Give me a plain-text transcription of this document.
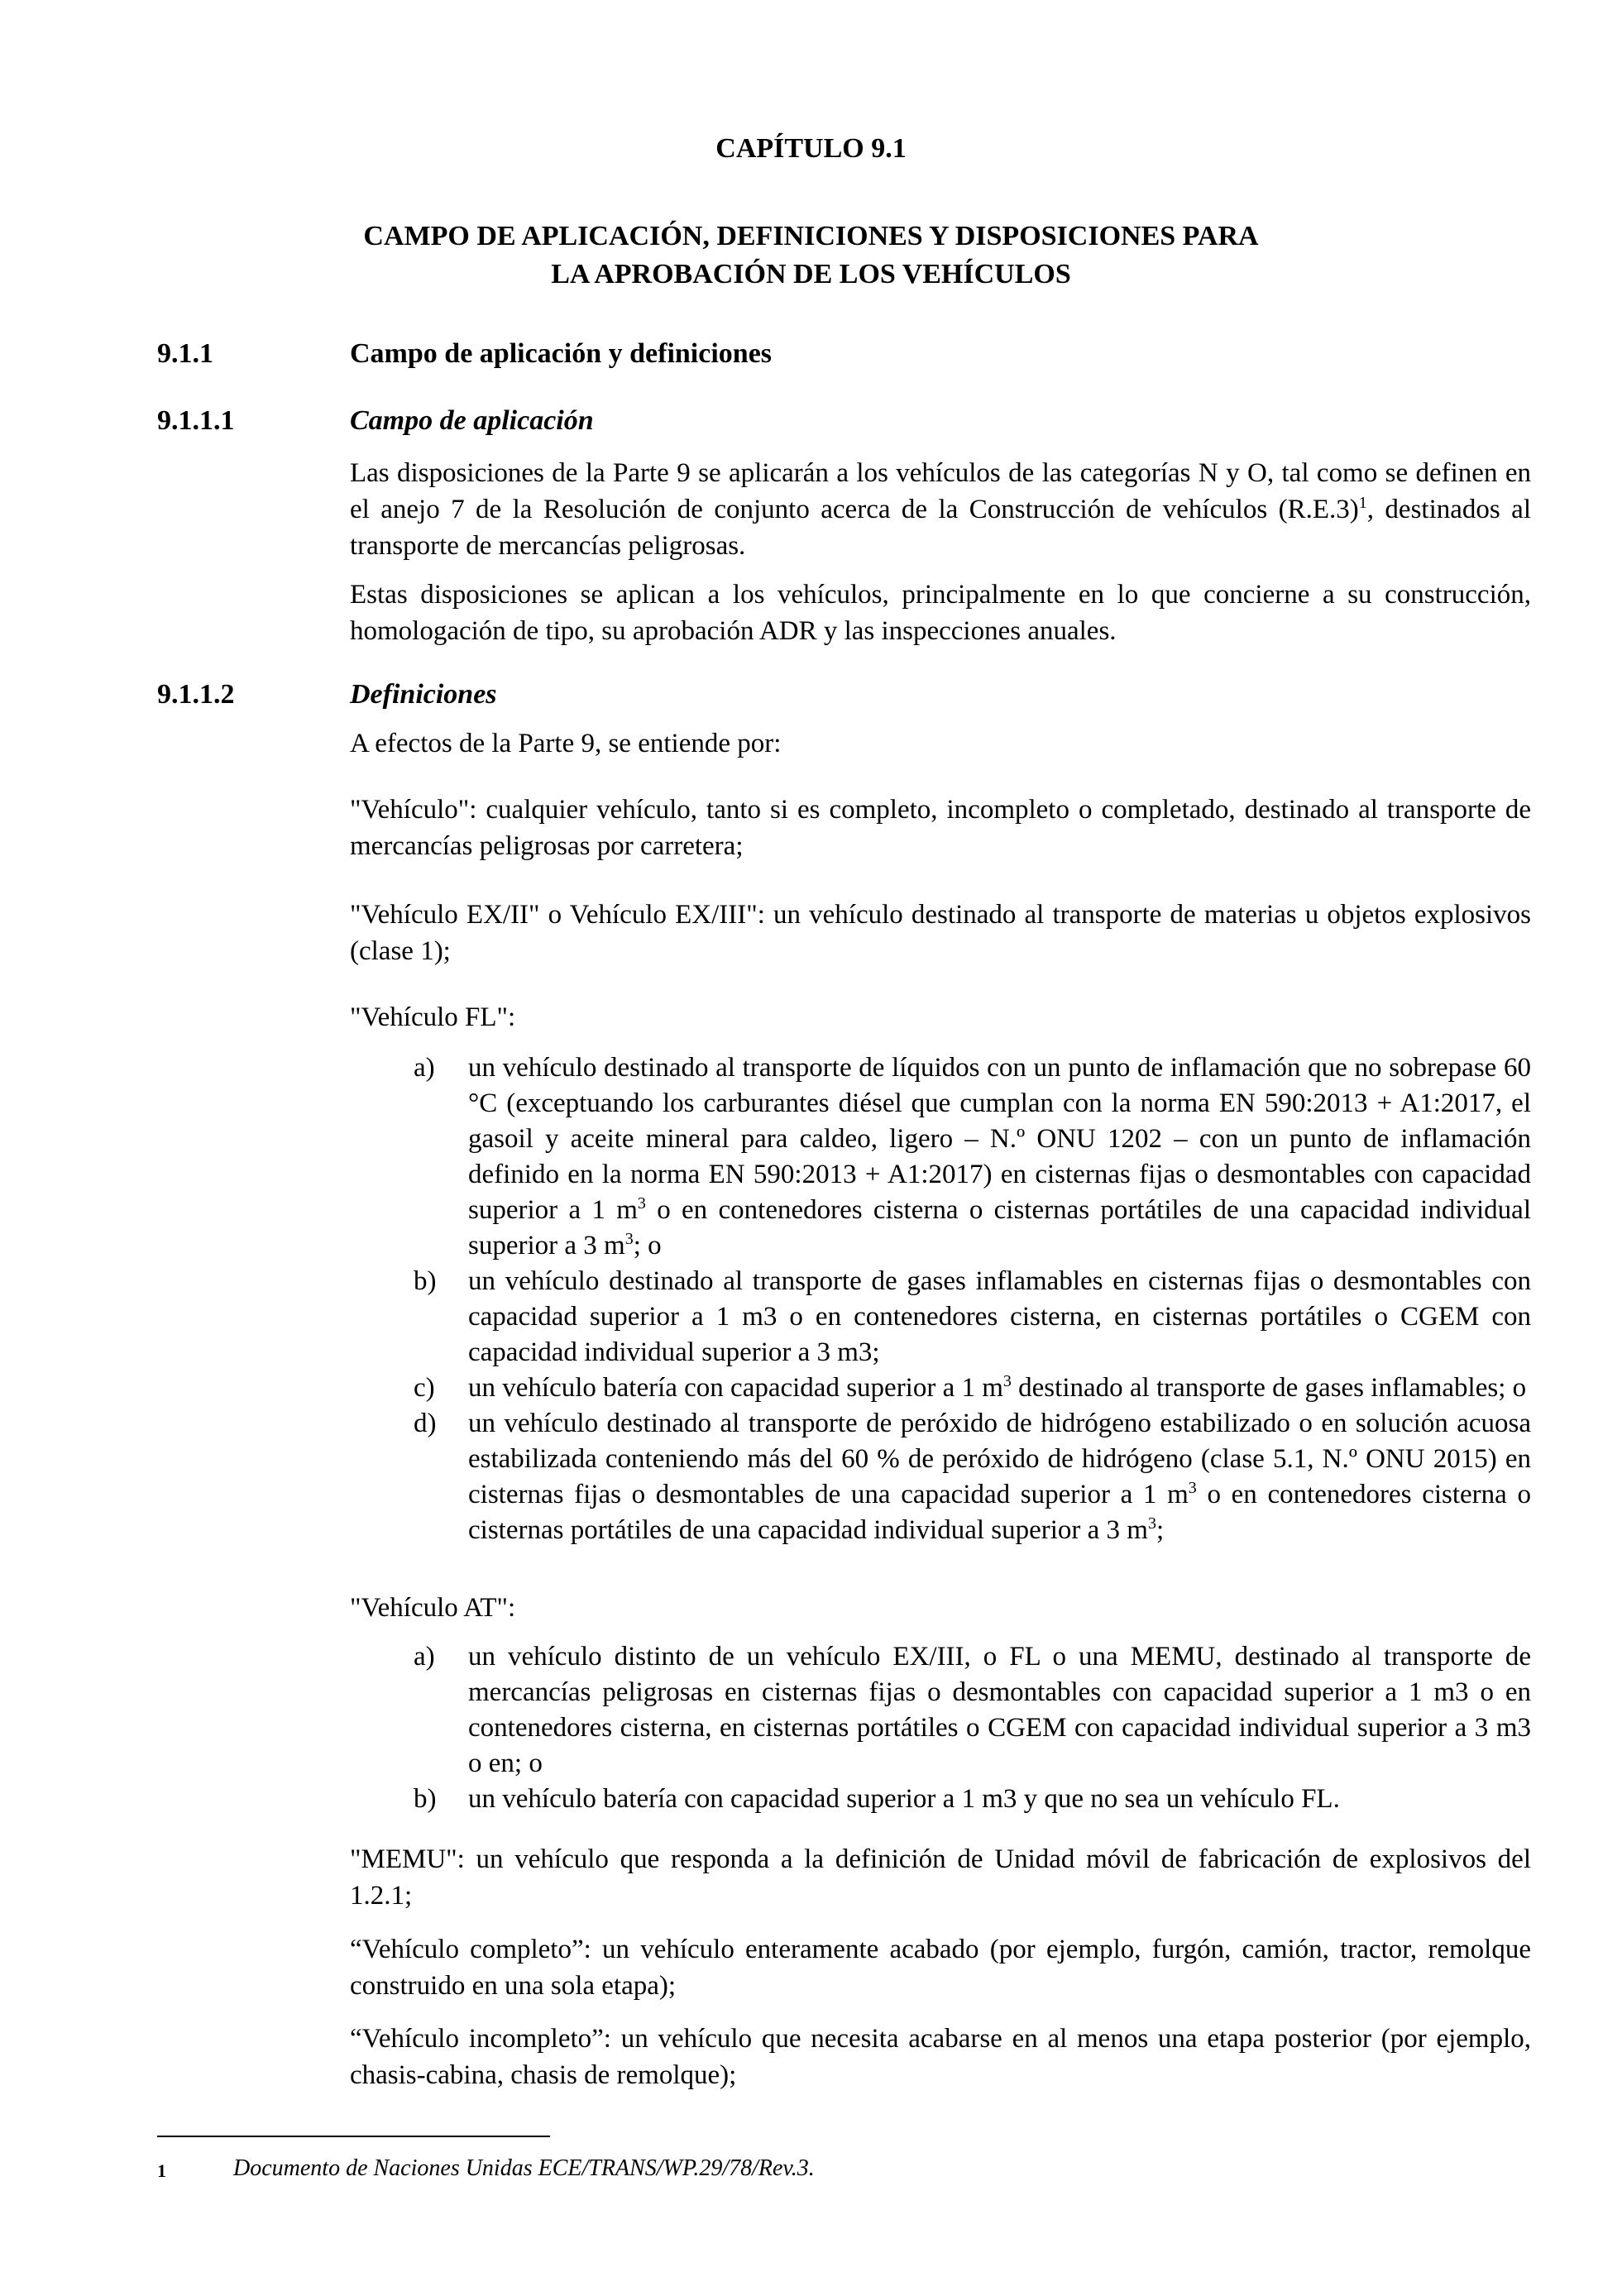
CAPÍTULO 9.1
CAMPO DE APLICACIÓN, DEFINICIONES Y DISPOSICIONES PARA
LA APROBACIÓN DE LOS VEHÍCULOS
9.1.1	Campo de aplicación y definiciones
9.1.1.1	Campo de aplicación

Las disposiciones de la Parte 9 se aplicarán a los vehículos de las categorías N y O, tal como se definen en el anejo 7 de la Resolución de conjunto acerca de la Construcción de vehículos $(R.E.3)^1$, destinados al transporte de mercancías peligrosas.

Estas disposiciones se aplican a los vehículos, principalmente en lo que concierne a su construcción, homologación de tipo, su aprobación ADR y las inspecciones anuales.
9.1.1.2	Definiciones
A efectos de la Parte 9, se entiende por:
"Vehículo": cualquier vehículo, tanto si es completo, incompleto o completado, destinado al transporte de mercancías peligrosas por carretera;
"Vehículo EX/II" o Vehículo EX/III": un vehículo destinado al transporte de materias u objetos explosivos (clase 1);
"Vehículo FL":
a) un vehículo destinado al transporte de líquidos con un punto de inflamación que no sobrepase 60 °C (exceptuando los carburantes diésel que cumplan con la norma EN 590:2013 + A1:2017, el gasoil y aceite mineral para caldeo, ligero – N.º ONU 1202 – con un punto de inflamación definido en la norma EN 590:2013 + A1:2017) en cisternas fijas o desmontables con capacidad superior a 1 $m^3$ o en contenedores cisterna o cisternas portátiles de una capacidad individual superior a 3 $m^3$; o
b) un vehículo destinado al transporte de gases inflamables en cisternas fijas o desmontables con capacidad superior a 1 m3 o en contenedores cisterna, en cisternas portátiles o CGEM con capacidad individual superior a 3 m3;
c) un vehículo batería con capacidad superior a 1 $m^3$ destinado al transporte de gases inflamables; o
d) un vehículo destinado al transporte de peróxido de hidrógeno estabilizado o en solución acuosa estabilizada conteniendo más del 60 % de peróxido de hidrógeno (clase 5.1, N.º ONU 2015) en cisternas fijas o desmontables de una capacidad superior a 1 $m^3$ o en contenedores cisterna o cisternas portátiles de una capacidad individual superior a 3 $m^3$;
"Vehículo AT":
a) un vehículo distinto de un vehículo EX/III, o FL o una MEMU, destinado al transporte de mercancías peligrosas en cisternas fijas o desmontables con capacidad superior a 1 m3 o en contenedores cisterna, en cisternas portátiles o CGEM con capacidad individual superior a 3 m3 o en; o
b) un vehículo batería con capacidad superior a 1 m3 y que no sea un vehículo FL.
"MEMU": un vehículo que responda a la definición de Unidad móvil de fabricación de explosivos del 1.2.1;
“Vehículo completo”: un vehículo enteramente acabado (por ejemplo, furgón, camión, tractor, remolque construido en una sola etapa);
“Vehículo incompleto”: un vehículo que necesita acabarse en al menos una etapa posterior (por ejemplo, chasis-cabina, chasis de remolque);
1	Documento de Naciones Unidas ECE/TRANS/WP.29/78/Rev.3.
